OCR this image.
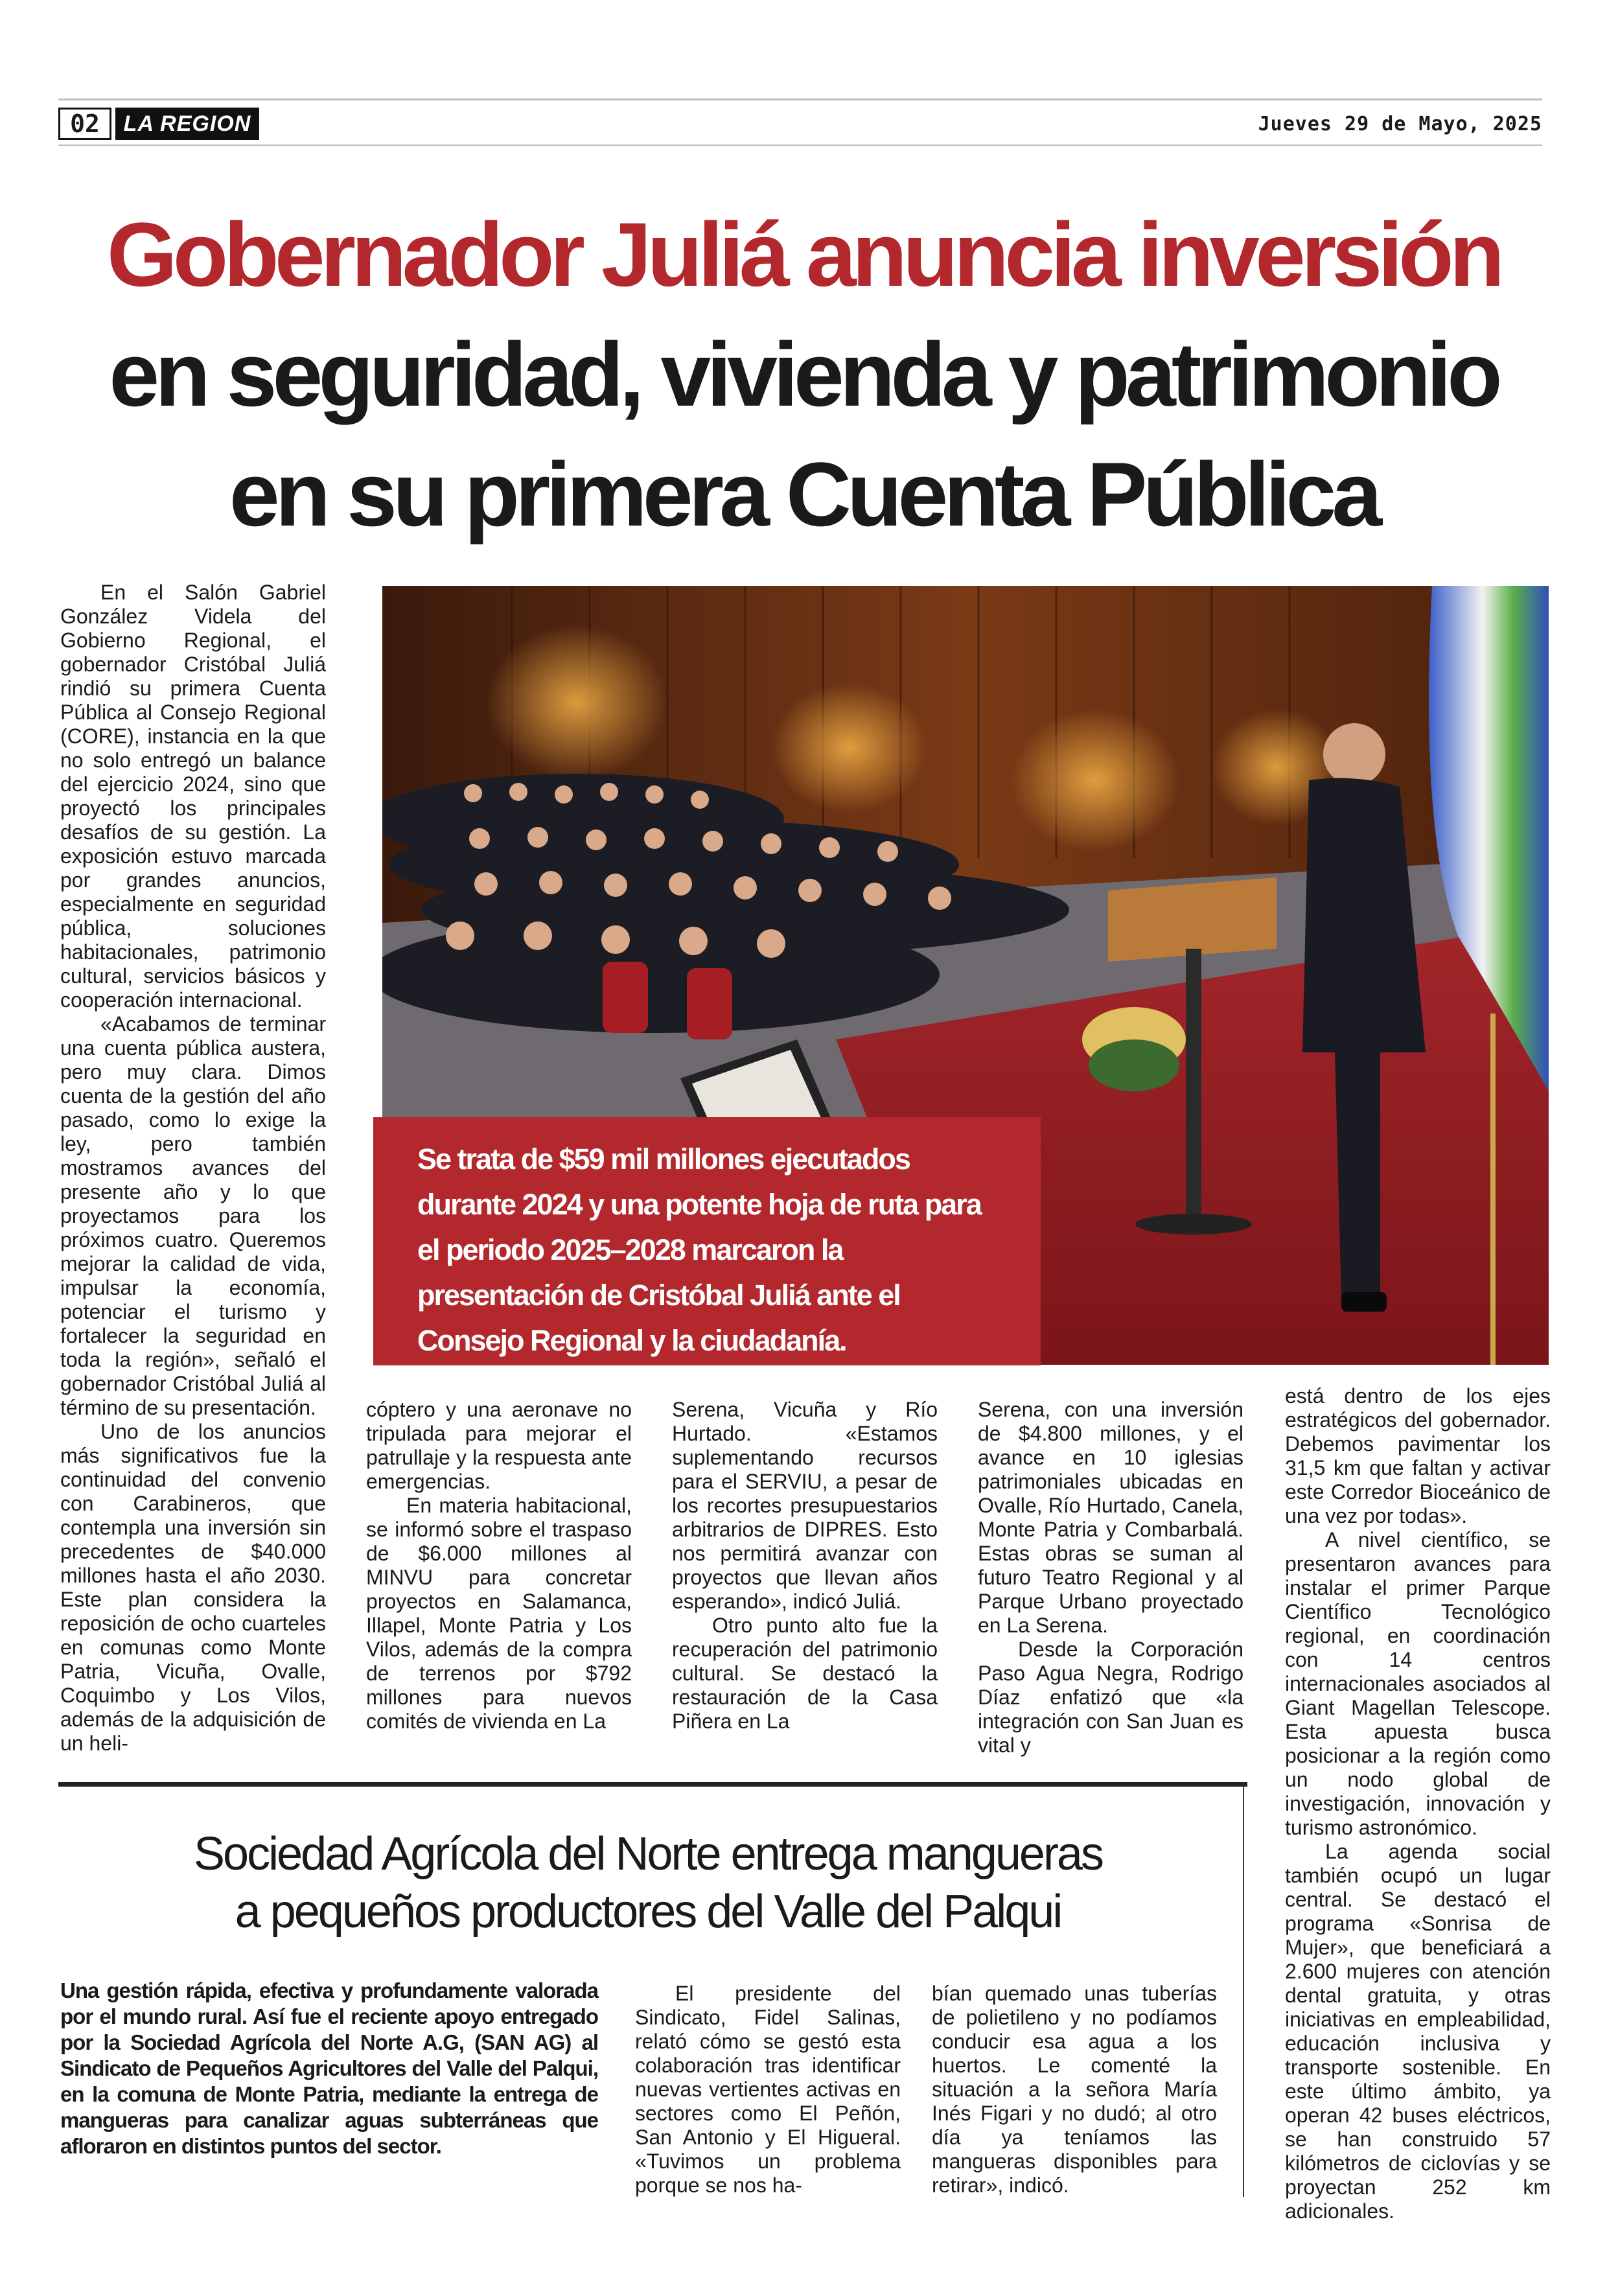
02	LA REGION	Jueves 29 de Mayo, 2025
Gobernador Juliá anuncia inversión
en seguridad, vivienda y patrimonio
en su primera Cuenta Pública

En el Salón Gabriel González Videla del Gobierno Regional, el gobernador Cristóbal Juliá rindió su primera Cuenta Pública al Consejo Regional (CORE), instancia en la que no solo entregó un balance del ejercicio 2024, sino que proyectó los principales desafíos de su gestión. La exposición estuvo marcada por grandes anuncios, especialmente en seguridad pública, soluciones habitacionales, patrimonio cultural, servicios básicos y cooperación internacional.

«Acabamos de terminar una cuenta pública austera, pero muy clara. Dimos cuenta de la gestión del año pasado, como lo exige la ley, pero también mostramos avances del presente año y lo que proyectamos para los próximos cuatro. Queremos mejorar la calidad de vida, impulsar la economía, potenciar el turismo y fortalecer la seguridad en toda la región», señaló el gobernador Cristóbal Juliá al término de su presentación.

Uno de los anuncios más significativos fue la continuidad del convenio con Carabineros, que contempla una inversión sin precedentes de $40.000 millones hasta el año 2030. Este plan considera la reposición de ocho cuarteles en comunas como Monte Patria, Vicuña, Ovalle, Coquimbo y Los Vilos, además de la adquisición de un heli-

Se trata de $59 mil millones ejecutados durante 2024 y una potente hoja de ruta para el periodo 2025–2028 marcaron la presentación de Cristóbal Juliá ante el Consejo Regional y la ciudadanía.

cóptero y una aeronave no tripulada para mejorar el patrullaje y la respuesta ante emergencias.

En materia habitacional, se informó sobre el traspaso de $6.000 millones al MINVU para concretar proyectos en Salamanca, Illapel, Monte Patria y Los Vilos, además de la compra de terrenos por $792 millones para nuevos comités de vivienda en La

Serena, Vicuña y Río Hurtado. «Estamos suplementando recursos para el SERVIU, a pesar de los recortes presupuestarios arbitrarios de DIPRES. Esto nos permitirá avanzar con proyectos que llevan años esperando», indicó Juliá.

Otro punto alto fue la recuperación del patrimonio cultural. Se destacó la restauración de la Casa Piñera en La

Serena, con una inversión de $4.800 millones, y el avance en 10 iglesias patrimoniales ubicadas en Ovalle, Río Hurtado, Canela, Monte Patria y Combarbalá. Estas obras se suman al futuro Teatro Regional y al Parque Urbano proyectado en La Serena.

Desde la Corporación Paso Agua Negra, Rodrigo Díaz enfatizó que «la integración con San Juan es vital y

está dentro de los ejes estratégicos del gobernador. Debemos pavimentar los 31,5 km que faltan y activar este Corredor Bioceánico de una vez por todas».

A nivel científico, se presentaron avances para instalar el primer Parque Científico Tecnológico regional, en coordinación con 14 centros internacionales asociados al Giant Magellan Telescope. Esta apuesta busca posicionar a la región como un nodo global de investigación, innovación y turismo astronómico.

La agenda social también ocupó un lugar central. Se destacó el programa «Sonrisa de Mujer», que beneficiará a 2.600 mujeres con atención dental gratuita, y otras iniciativas en empleabilidad, educación inclusiva y transporte sostenible. En este último ámbito, ya operan 42 buses eléctricos, se han construido 57 kilómetros de ciclovías y se proyectan 252 km adicionales.

Sociedad Agrícola del Norte entrega mangueras
a pequeños productores del Valle del Palqui
Una gestión rápida, efectiva y profundamente valorada por el mundo rural. Así fue el reciente apoyo entregado por la Sociedad Agrícola del Norte A.G, (SAN AG) al Sindicato de Pequeños Agricultores del Valle del Palqui, en la comuna de Monte Patria, mediante la entrega de mangueras para canalizar aguas subterráneas que afloraron en distintos puntos del sector.

El presidente del Sindicato, Fidel Salinas, relató cómo se gestó esta colaboración tras identificar nuevas vertientes activas en sectores como El Peñón, San Antonio y El Higueral. «Tuvimos un problema porque se nos ha-

bían quemado unas tuberías de polietileno y no podíamos conducir esa agua a los huertos. Le comenté la situación a la señora María Inés Figari y no dudó; al otro día ya teníamos las mangueras disponibles para retirar», indicó.
